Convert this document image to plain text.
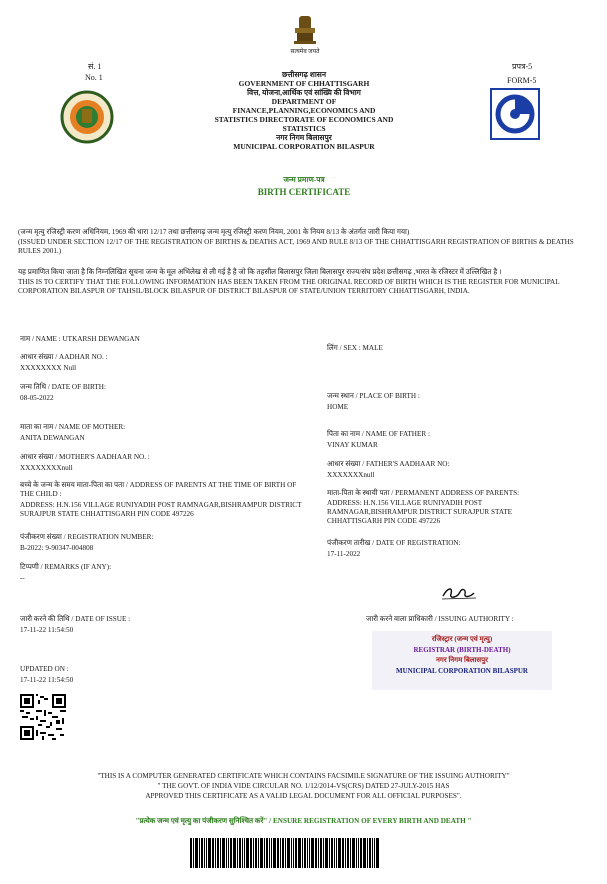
सत्यमेव जयते
सं. 1
No. 1
प्रपत्र-5
FORM-5
छत्तीसगढ़ शासन
GOVERNMENT OF CHHATTISGARH
वित्त, योजना,आर्थिक एवं सांख्यि की विभाग
DEPARTMENT OF
FINANCE,PLANNING,ECONOMICS AND
STATISTICS DIRECTORATE OF ECONOMICS AND
STATISTICS
नगर निगम बिलासपुर
MUNICIPAL CORPORATION BILASPUR
जन्म प्रमाण-पत्र
BIRTH CERTIFICATE
(जन्म मृत्यु रजिस्ट्री करण अधिनियम, 1969 की धारा 12/17 तथा छत्तीसगढ़ जन्म मृत्यु रजिस्ट्री करण नियम, 2001 के नियम 8/13 के अंतर्गत जारी किया गया)
(ISSUED UNDER SECTION 12/17 OF THE REGISTRATION OF BIRTHS & DEATHS ACT, 1969 AND RULE 8/13 OF THE CHHATTISGARH REGISTRATION OF BIRTHS & DEATHS RULES 2001.)
यह प्रमाणित किया जाता है कि निम्नलिखित सूचना जन्म के मूल अभिलेख से ली गई है है जो कि तहसील बिलासपुर जिला बिलासपुर राज्य/संघ प्रदेश छत्तीसगढ़ ,भारत के रजिस्टर में उल्लिखित है ।
THIS IS TO CERTIFY THAT THE FOLLOWING INFORMATION HAS BEEN TAKEN FROM THE ORIGINAL RECORD OF BIRTH WHICH IS THE REGISTER FOR MUNICIPAL CORPORATION BILASPUR OF TAHSIL/BLOCK BILASPUR OF DISTRICT BILASPUR OF STATE/UNION TERRITORY CHHATTISGARH, INDIA.
नाम / NAME : UTKARSH DEWANGAN
आधार संख्या / AADHAR NO. :
XXXXXXXX Null
जन्म तिथि / DATE OF BIRTH:
08-05-2022
माता का नाम / NAME OF MOTHER:
ANITA DEWANGAN
आधार संख्या / MOTHER'S AADHAAR NO. :
XXXXXXXXnull
बच्चे के जन्म के समय माता-पिता का पता / ADDRESS OF PARENTS AT THE TIME OF BIRTH OF THE CHILD :
ADDRESS: H.N.156 VILLAGE RUNIYADIH POST RAMNAGAR,BISHRAMPUR DISTRICT SURAJPUR STATE CHHATTISGARH PIN CODE 497226
पंजीकरण संख्या / REGISTRATION NUMBER:
B-2022: 9-90347-004808
टिप्पणी / REMARKS (IF ANY):
--
लिंग / SEX : MALE
जन्म स्थान / PLACE OF BIRTH :
HOME
पिता का नाम / NAME OF FATHER :
VINAY KUMAR
आधार संख्या / FATHER'S AADHAAR NO:
XXXXXXXnull
माता-पिता के स्थायी पता / PERMANENT ADDRESS OF PARENTS:
ADDRESS: H.N.156 VILLAGE RUNIYADIH POST RAMNAGAR,BISHRAMPUR DISTRICT SURAJPUR STATE CHHATTISGARH PIN CODE 497226
पंजीकरण तारीख / DATE OF REGISTRATION:
17-11-2022
जारी करने की तिथि / DATE OF ISSUE :
17-11-22 11:54:50
जारी करने वाला प्राधिकारी / ISSUING AUTHORITY :
रजिस्ट्रार (जन्म एवं मृत्यु)
REGISTRAR (BIRTH-DEATH)
नगर निगम बिलासपुर
MUNICIPAL CORPORATION BILASPUR
UPDATED ON :
17-11-22 11:54:50
"THIS IS A COMPUTER GENERATED CERTIFICATE WHICH CONTAINS FACSIMILE SIGNATURE OF THE ISSUING AUTHORITY"
" THE GOVT. OF INDIA VIDE CIRCULAR NO. 1/12/2014-VS(CRS) DATED 27-JULY-2015 HAS
APPROVED THIS CERTIFICATE AS A VALID LEGAL DOCUMENT FOR ALL OFFICIAL PURPOSES".
"प्रत्येक जन्म एवं मृत्यु का पंजीकरण सुनिश्चित करें" / ENSURE REGISTRATION OF EVERY BIRTH AND DEATH "
